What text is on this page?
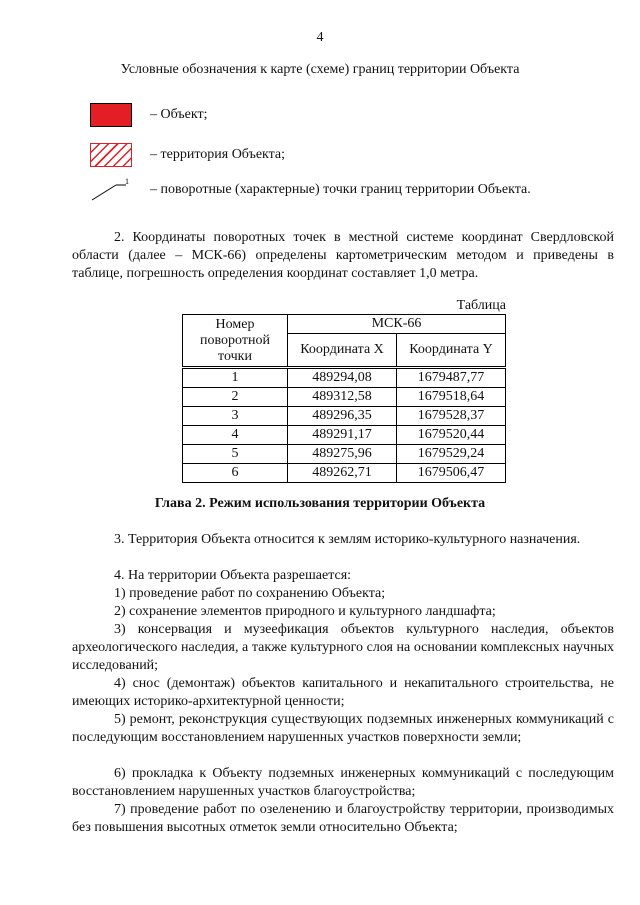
4
Условные обозначения к карте (схеме) границ территории Объекта
– Объект;
– территория Объекта;
1
– поворотные (характерные) точки границ территории Объекта.
2. Координаты поворотных точек в местной системе координат Свердловской области (далее – МСК-66) определены картометрическим методом и приведены в таблице, погрешность определения координат составляет 1,0 метра.
Таблица
Номер поворотной точки	МСК-66	
	Координата X	Координата Y
1	489294,08	1679487,77
2	489312,58	1679518,64
3	489296,35	1679528,37
4	489291,17	1679520,44
5	489275,96	1679529,24
6	489262,71	1679506,47
Глава 2. Режим использования территории Объекта
3. Территория Объекта относится к землям историко-культурного назначения.
4. На территории Объекта разрешается:
1) проведение работ по сохранению Объекта;
2) сохранение элементов природного и культурного ландшафта;
3) консервация и музеефикация объектов культурного наследия, объектов археологического наследия, а также культурного слоя на основании комплексных научных исследований;
4) снос (демонтаж) объектов капитального и некапитального строительства, не имеющих историко-архитектурной ценности;
5) ремонт, реконструкция существующих подземных инженерных коммуникаций с последующим восстановлением нарушенных участков поверхности земли;
6) прокладка к Объекту подземных инженерных коммуникаций с последующим восстановлением нарушенных участков благоустройства;
7) проведение работ по озеленению и благоустройству территории, производимых без повышения высотных отметок земли относительно Объекта;
